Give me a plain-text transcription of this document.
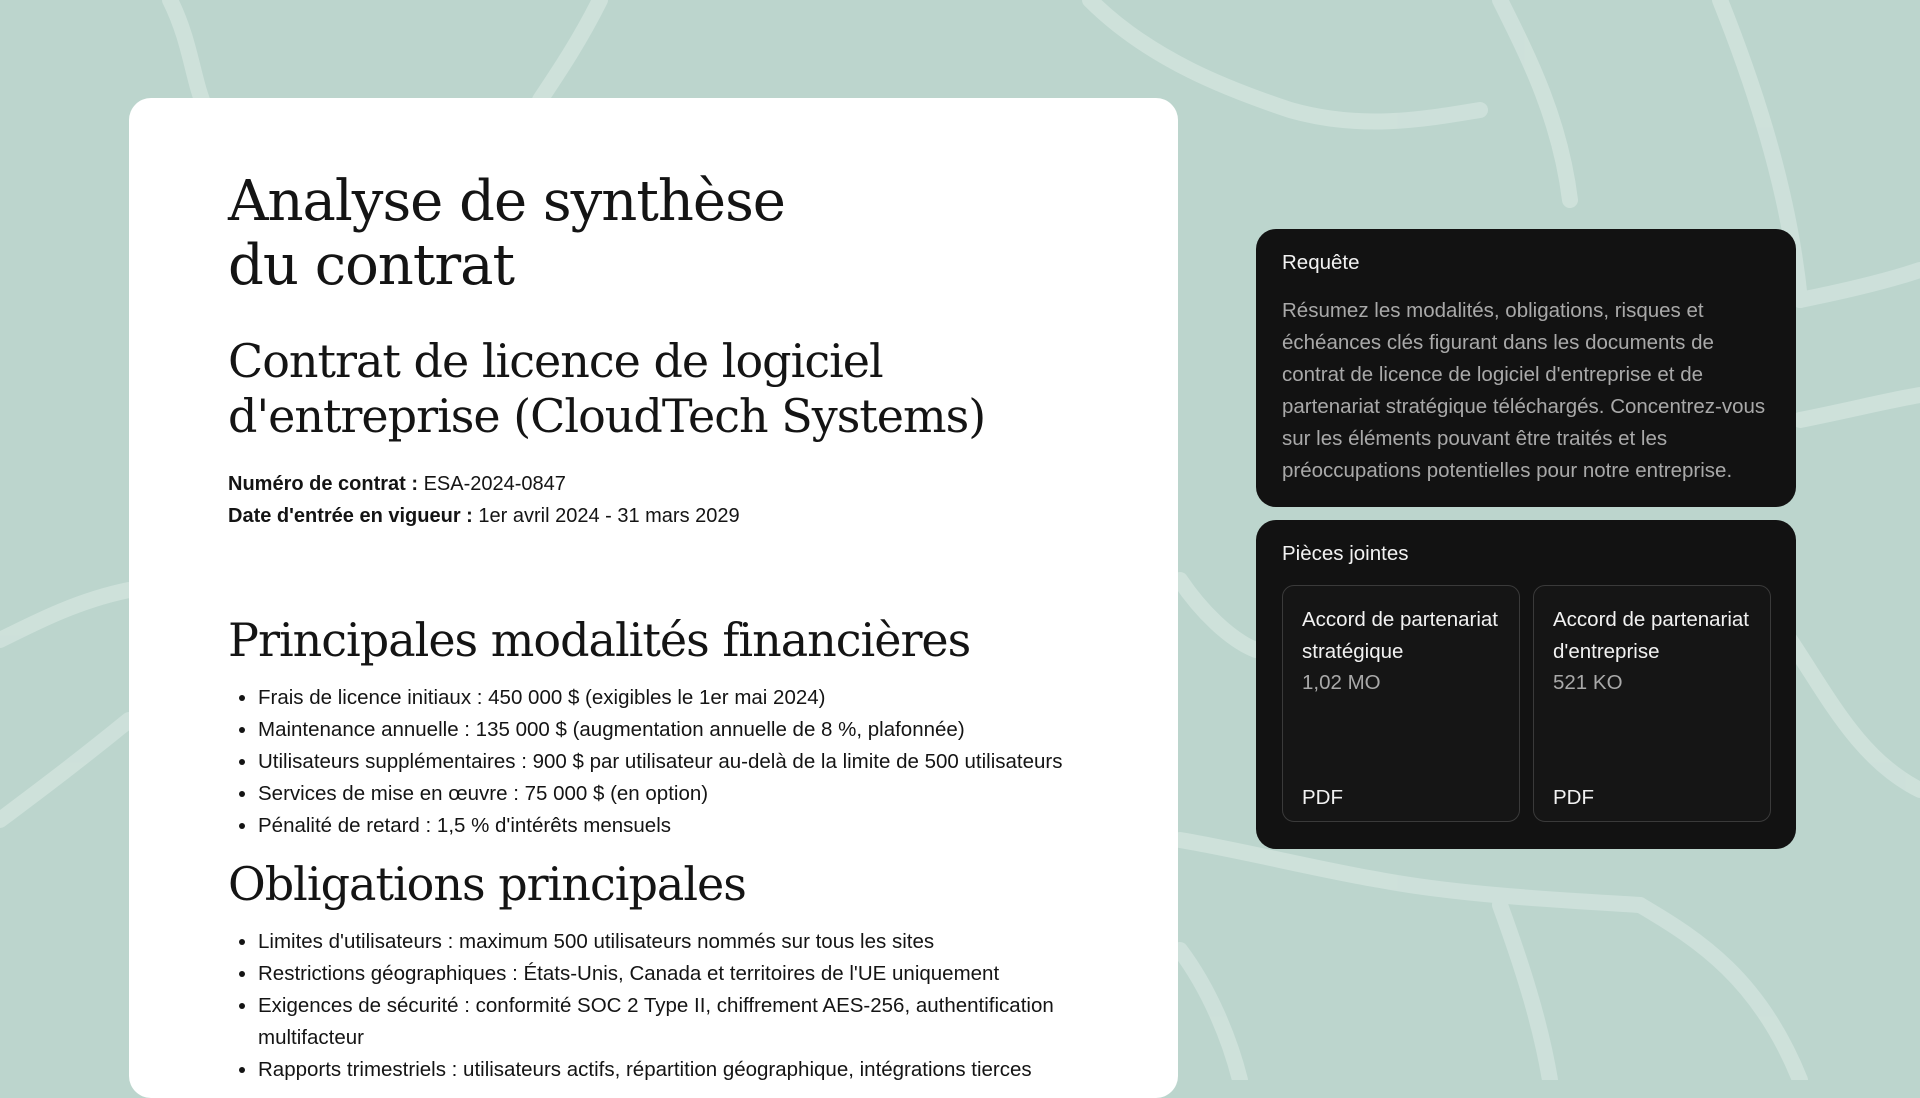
Analyse de synthèse du contrat
Contrat de licence de logiciel d'entreprise (CloudTech Systems)
Numéro de contrat : ESA-2024-0847
Date d'entrée en vigueur : 1er avril 2024 - 31 mars 2029
Principales modalités financières
• Frais de licence initiaux : 450 000 $ (exigibles le 1er mai 2024)
• Maintenance annuelle : 135 000 $ (augmentation annuelle de 8 %, plafonnée)
• Utilisateurs supplémentaires : 900 $ par utilisateur au-delà de la limite de 500 utilisateurs
• Services de mise en œuvre : 75 000 $ (en option)
• Pénalité de retard : 1,5 % d'intérêts mensuels
Obligations principales
• Limites d'utilisateurs : maximum 500 utilisateurs nommés sur tous les sites
• Restrictions géographiques : États-Unis, Canada et territoires de l'UE uniquement
• Exigences de sécurité : conformité SOC 2 Type II, chiffrement AES-256, authentification multifacteur
• Rapports trimestriels : utilisateurs actifs, répartition géographique, intégrations tierces
Requête
Résumez les modalités, obligations, risques et échéances clés figurant dans les documents de contrat de licence de logiciel d'entreprise et de partenariat stratégique téléchargés. Concentrez-vous sur les éléments pouvant être traités et les préoccupations potentielles pour notre entreprise.
Pièces jointes
Accord de partenariat stratégique
1,02 MO
PDF
Accord de partenariat d'entreprise
521 KO
PDF
